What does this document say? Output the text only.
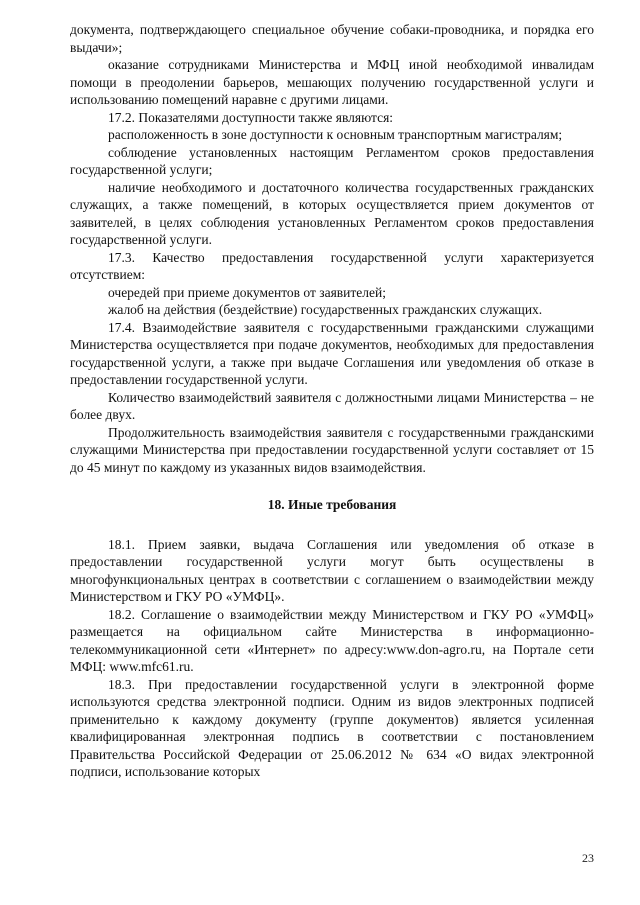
документа, подтверждающего специальное обучение собаки-проводника, и порядка его выдачи»;

оказание сотрудниками Министерства и МФЦ иной необходимой инвалидам помощи в преодолении барьеров, мешающих получению государственной услуги и использованию помещений наравне с другими лицами.

17.2. Показателями доступности также являются:

расположенность в зоне доступности к основным транспортным магистралям;

соблюдение установленных настоящим Регламентом сроков предоставления государственной услуги;

наличие необходимого и достаточного количества государственных гражданских служащих, а также помещений, в которых осуществляется прием документов от заявителей, в целях соблюдения установленных Регламентом сроков предоставления государственной услуги.

17.3. Качество предоставления государственной услуги характеризуется отсутствием:

очередей при приеме документов от заявителей;

жалоб на действия (бездействие) государственных гражданских служащих.

17.4. Взаимодействие заявителя с государственными гражданскими служащими Министерства осуществляется при подаче документов, необходимых для предоставления государственной услуги, а также при выдаче Соглашения или уведомления об отказе в предоставлении государственной услуги.

Количество взаимодействий заявителя с должностными лицами Министерства – не более двух.

Продолжительность взаимодействия заявителя с государственными гражданскими служащими Министерства при предоставлении государственной услуги составляет от 15 до 45 минут по каждому из указанных видов взаимодействия.

18. Иные требования

18.1. Прием заявки, выдача Соглашения или уведомления об отказе в предоставлении государственной услуги могут быть осуществлены в многофункциональных центрах в соответствии с соглашением о взаимодействии между Министерством и ГКУ РО «УМФЦ».

18.2. Соглашение о взаимодействии между Министерством и ГКУ РО «УМФЦ» размещается на официальном сайте Министерства в информационно-телекоммуникационной сети «Интернет» по адресу:www.don-agro.ru, на Портале сети МФЦ: www.mfc61.ru.

18.3. При предоставлении государственной услуги в электронной форме используются средства электронной подписи. Одним из видов электронных подписей применительно к каждому документу (группе документов) является усиленная квалифицированная электронная подпись в соответствии с постановлением Правительства Российской Федерации от 25.06.2012 № 634 «О видах электронной подписи, использование которых

23
